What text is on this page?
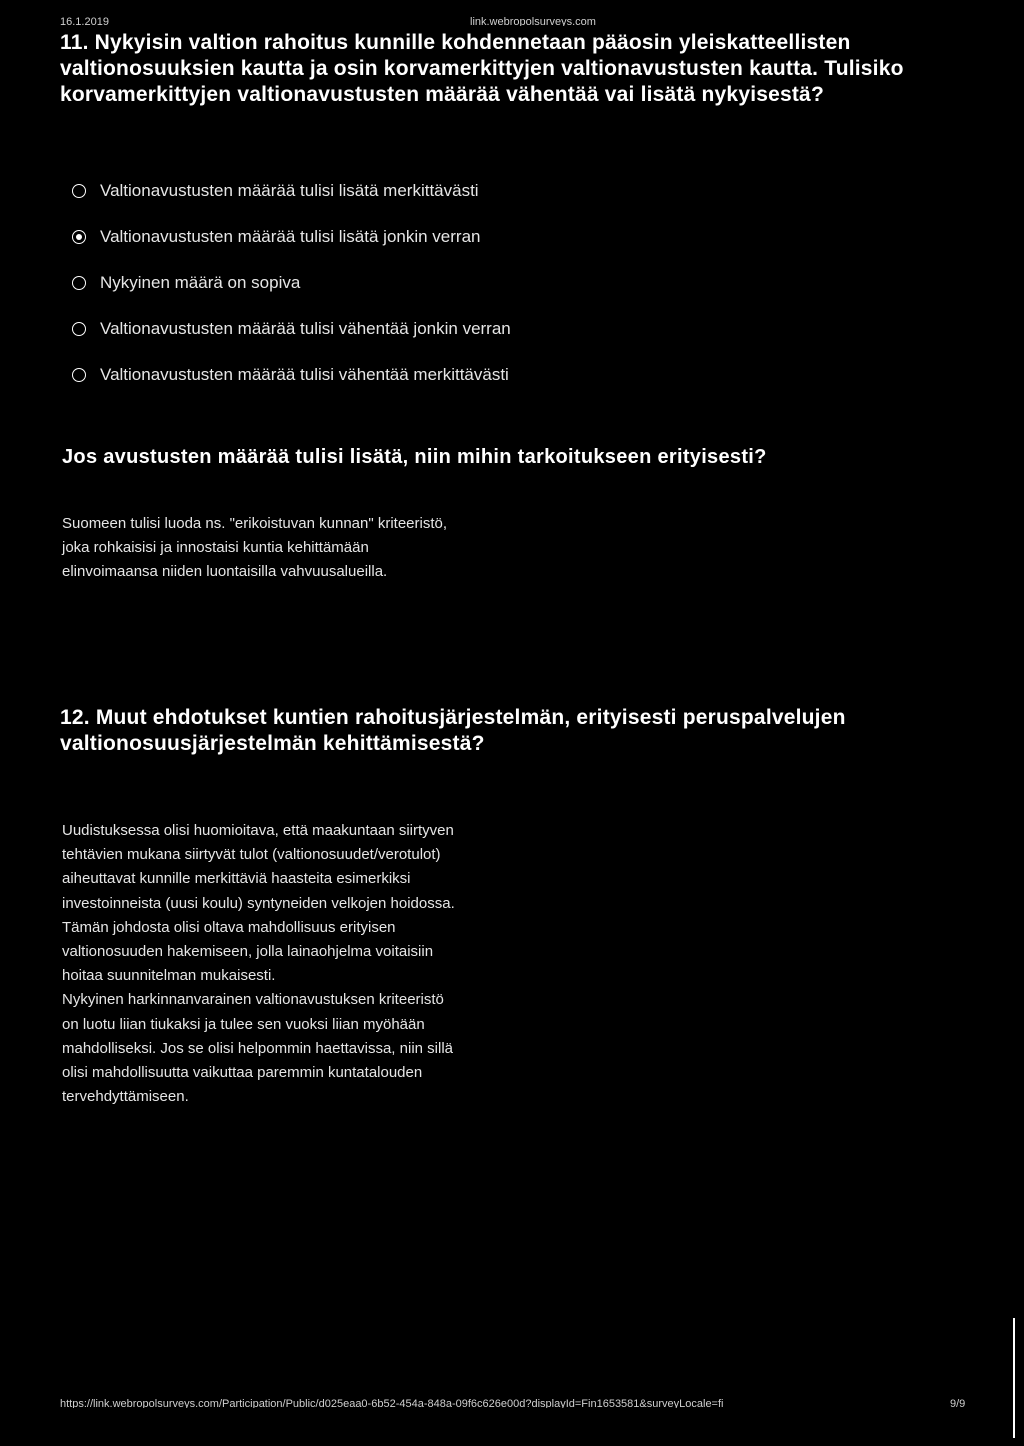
16.1.2019	link.webropolsurveys.com
11. Nykyisin valtion rahoitus kunnille kohdennetaan pääosin yleiskatteellisten valtionosuuksien kautta ja osin korvamerkittyjen valtionavustusten kautta. Tulisiko korvamerkittyjen valtionavustusten määrää vähentää vai lisätä nykyisestä?
Valtionavustusten määrää tulisi lisätä merkittävästi
Valtionavustusten määrää tulisi lisätä jonkin verran
Nykyinen määrä on sopiva
Valtionavustusten määrää tulisi vähentää jonkin verran
Valtionavustusten määrää tulisi vähentää merkittävästi
Jos avustusten määrää tulisi lisätä, niin mihin tarkoitukseen erityisesti?
Suomeen tulisi luoda ns. "erikoistuvan kunnan" kriteeristö,
joka rohkaisisi ja innostaisi kuntia kehittämään
elinvoimaansa niiden luontaisilla vahvuusalueilla.
12. Muut ehdotukset kuntien rahoitusjärjestelmän, erityisesti peruspalvelujen valtionosuusjärjestelmän kehittämisestä?
Uudistuksessa olisi huomioitava, että maakuntaan siirtyven
tehtävien mukana siirtyvät tulot (valtionosuudet/verotulot)
aiheuttavat kunnille merkittäviä haasteita esimerkiksi
investoinneista (uusi koulu) syntyneiden velkojen hoidossa.
Tämän johdosta olisi oltava mahdollisuus erityisen
valtionosuuden hakemiseen, jolla lainaohjelma voitaisiin
hoitaa suunnitelman mukaisesti.
Nykyinen harkinnanvarainen valtionavustuksen kriteeristö
on luotu liian tiukaksi ja tulee sen vuoksi liian myöhään
mahdolliseksi. Jos se olisi helpommin haettavissa, niin sillä
olisi mahdollisuutta vaikuttaa paremmin kuntatalouden
tervehdyttämiseen.
https://link.webropolsurveys.com/Participation/Public/d025eaa0-6b52-454a-848a-09f6c626e00d?displayId=Fin1653581&surveyLocale=fi	9/9
